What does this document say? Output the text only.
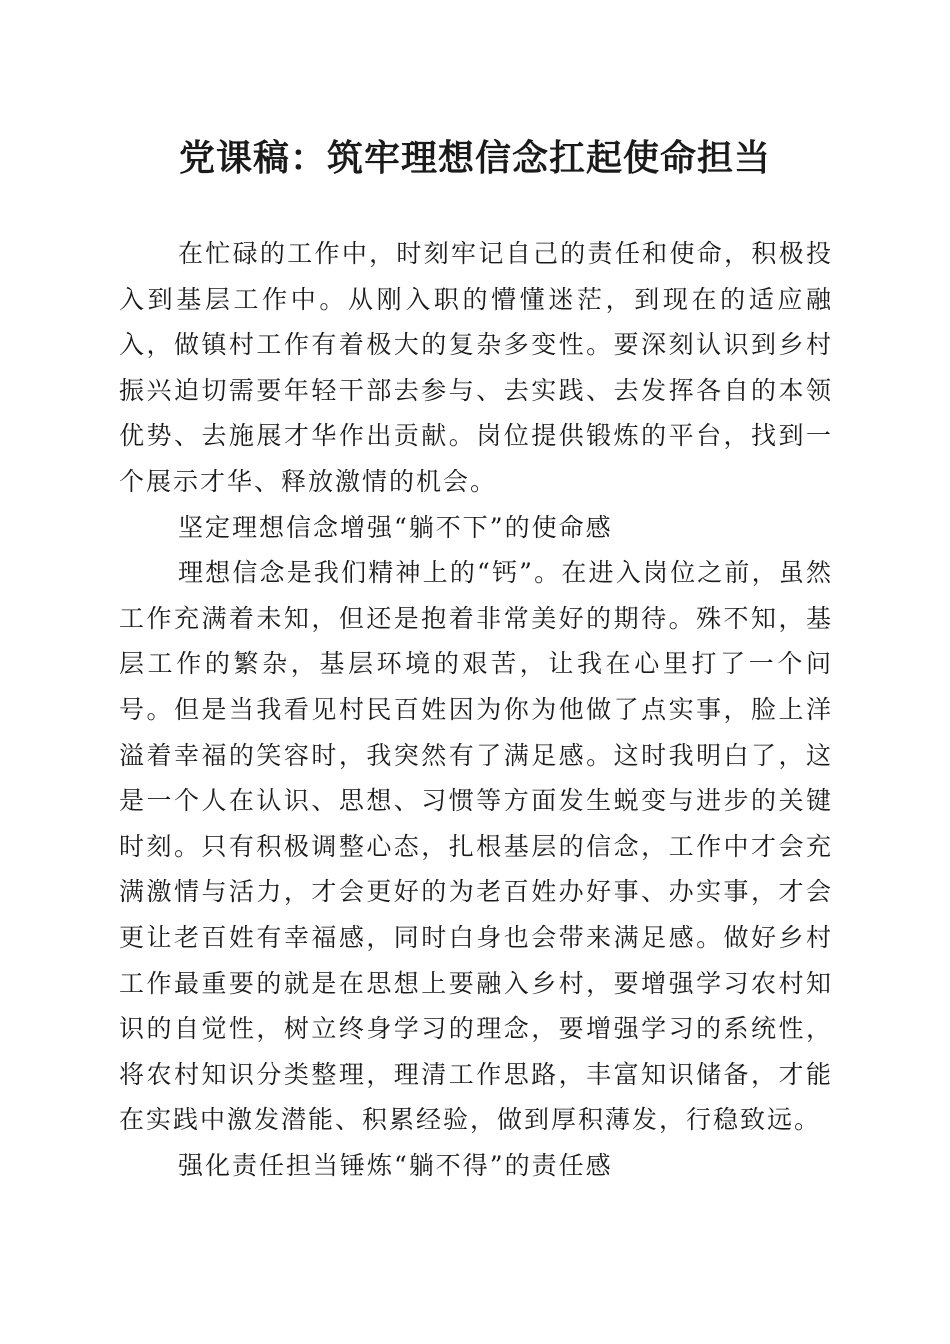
党课稿：筑牢理想信念扛起使命担当

在忙碌的工作中，时刻牢记自己的责任和使命，积极投入到基层工作中。从刚入职的懵懂迷茫，到现在的适应融入，做镇村工作有着极大的复杂多变性。要深刻认识到乡村振兴迫切需要年轻干部去参与、去实践、去发挥各自的本领优势、去施展才华作出贡献。岗位提供锻炼的平台，找到一个展示才华、释放激情的机会。

坚定理想信念增强“躺不下”的使命感

理想信念是我们精神上的“钙”。在进入岗位之前，虽然工作充满着未知，但还是抱着非常美好的期待。殊不知，基层工作的繁杂，基层环境的艰苦，让我在心里打了一个问号。但是当我看见村民百姓因为你为他做了点实事，脸上洋溢着幸福的笑容时，我突然有了满足感。这时我明白了，这是一个人在认识、思想、习惯等方面发生蜕变与进步的关键时刻。只有积极调整心态，扎根基层的信念，工作中才会充满激情与活力，才会更好的为老百姓办好事、办实事，才会更让老百姓有幸福感，同时白身也会带来满足感。做好乡村工作最重要的就是在思想上要融入乡村，要增强学习农村知识的自觉性，树立终身学习的理念，要增强学习的系统性，将农村知识分类整理，理清工作思路，丰富知识储备，才能在实践中激发潜能、积累经验，做到厚积薄发，行稳致远。

强化责任担当锤炼“躺不得”的责任感
